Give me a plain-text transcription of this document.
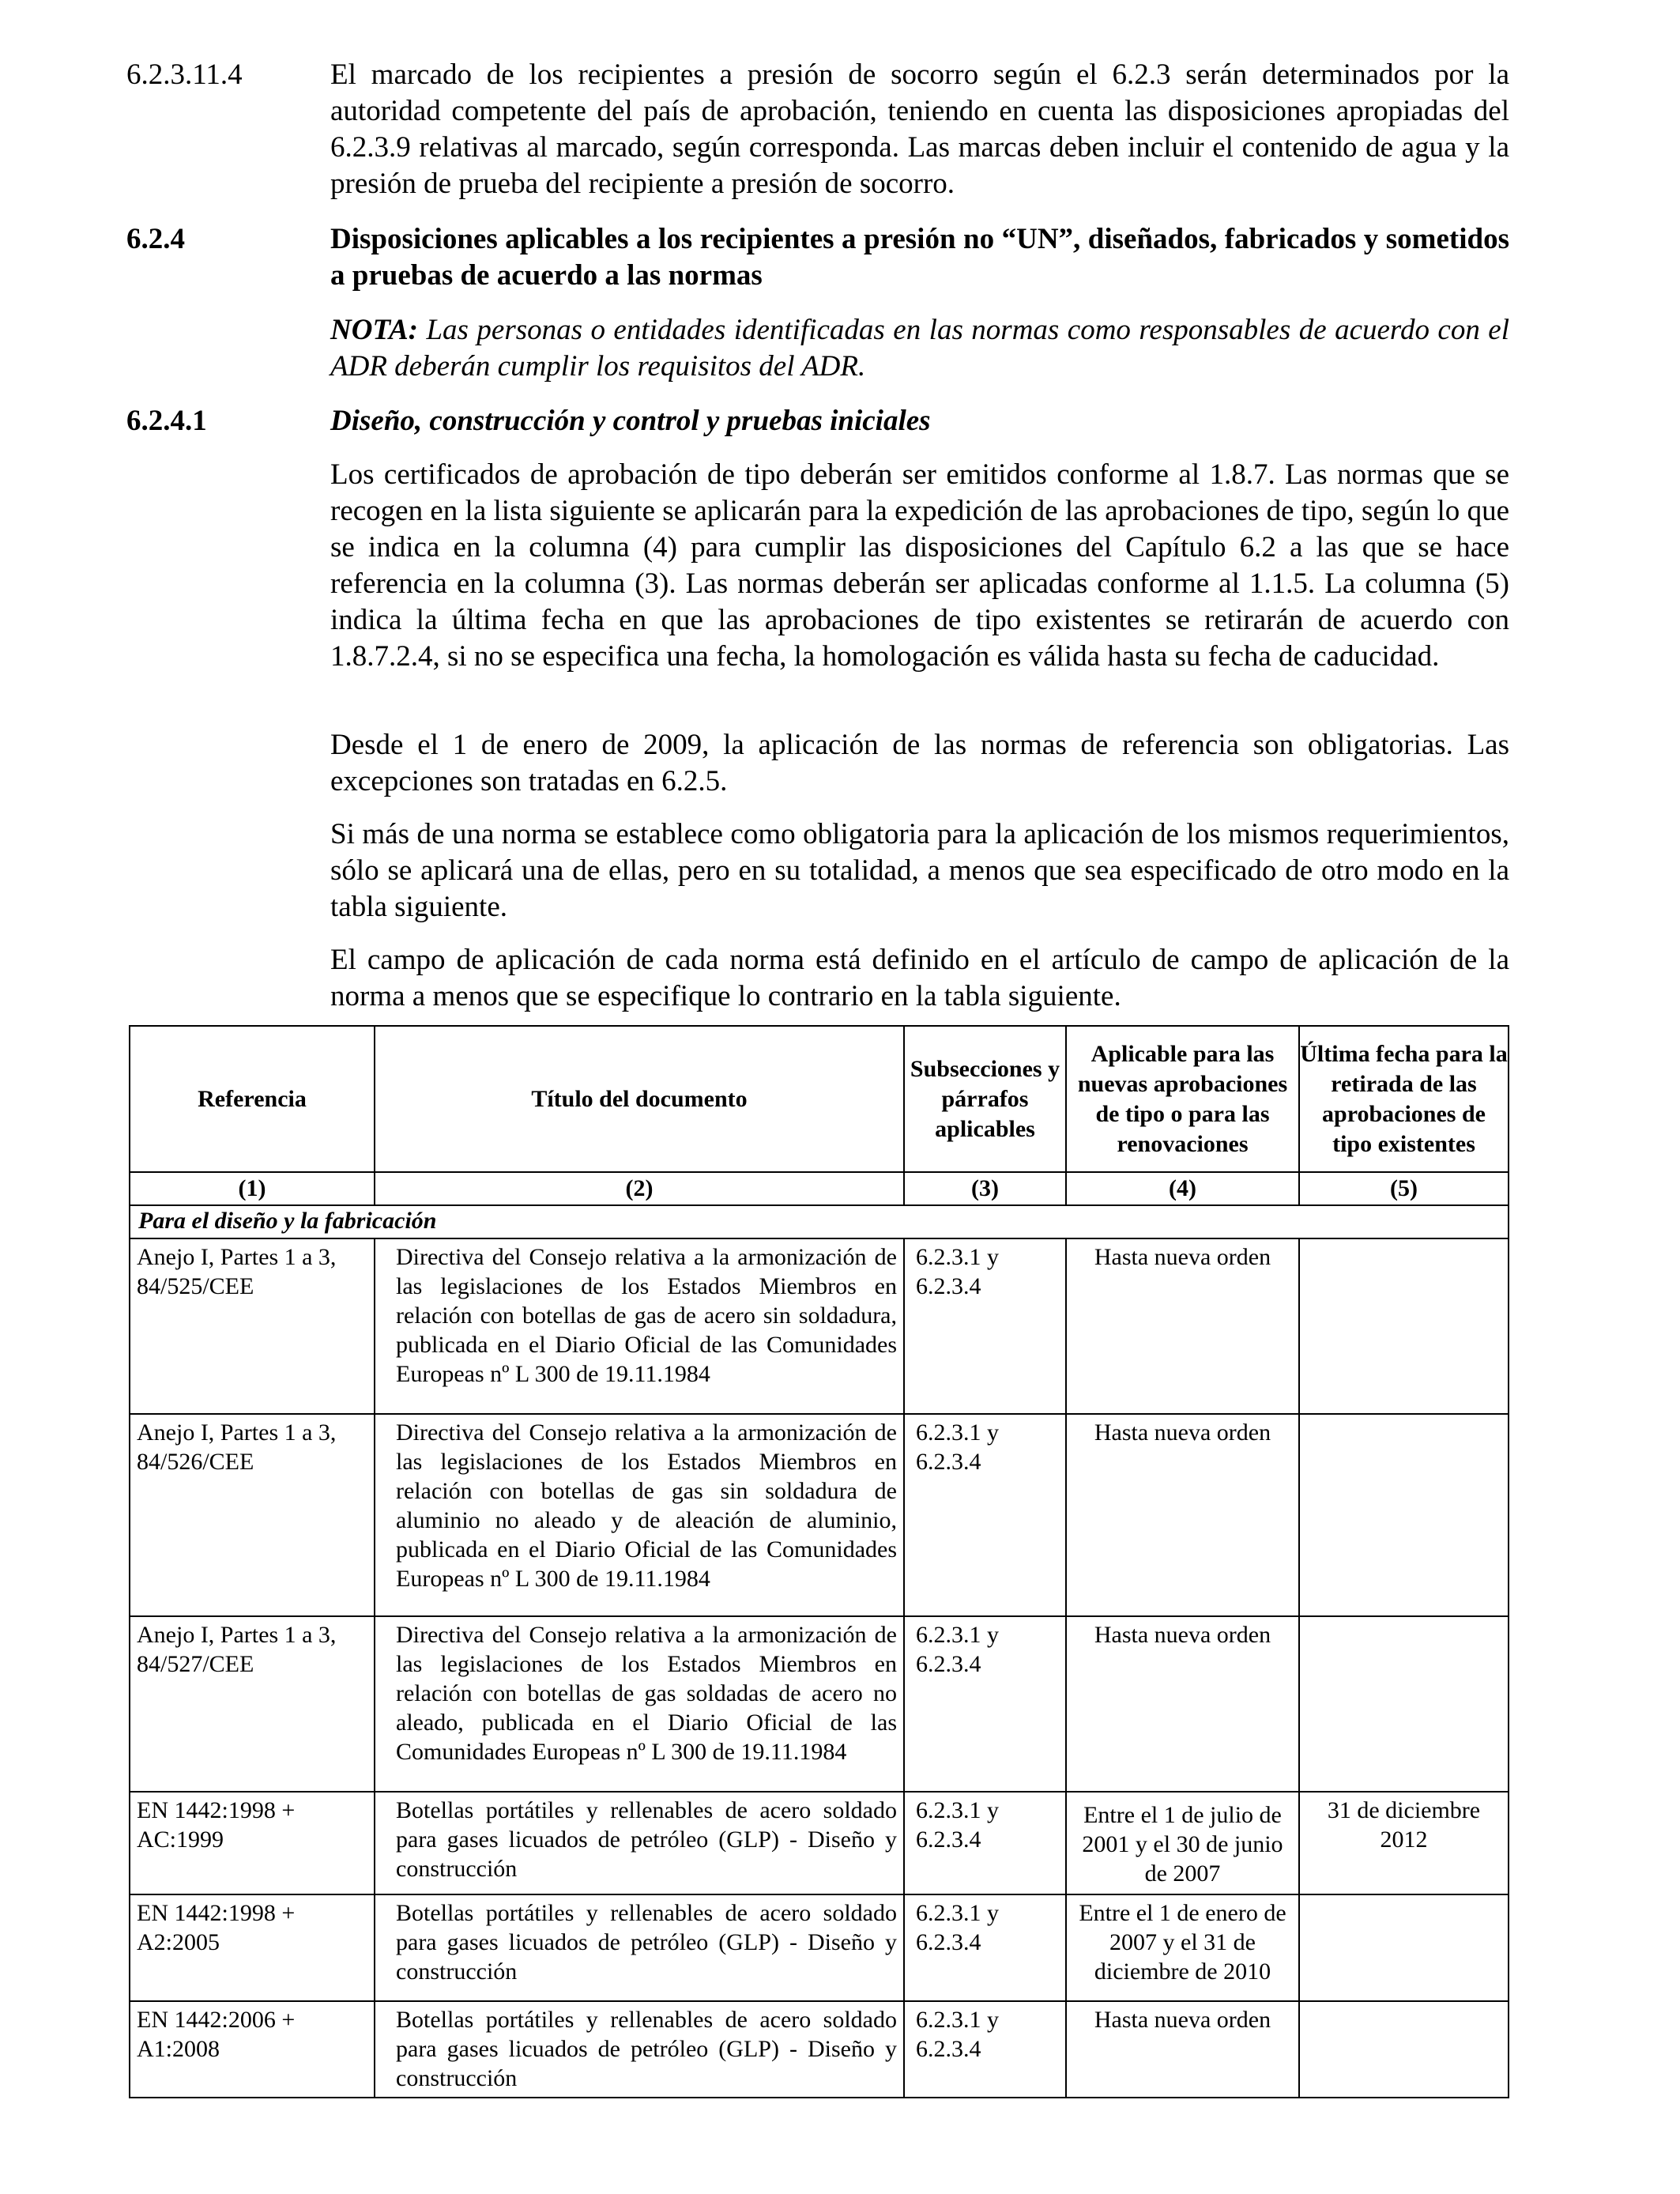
6.2.3.11.4	El marcado de los recipientes a presión de socorro según el 6.2.3 serán determinados por la autoridad competente del país de aprobación, teniendo en cuenta las disposiciones apropiadas del 6.2.3.9 relativas al marcado, según corresponda. Las marcas deben incluir el contenido de agua y la presión de prueba del recipiente a presión de socorro.
6.2.4	Disposiciones aplicables a los recipientes a presión no “UN”, diseñados, fabricados y sometidos a pruebas de acuerdo a las normas
NOTA: Las personas o entidades identificadas en las normas como responsables de acuerdo con el ADR deberán cumplir los requisitos del ADR.
6.2.4.1	Diseño, construcción y control y pruebas iniciales
Los certificados de aprobación de tipo deberán ser emitidos conforme al 1.8.7. Las normas que se recogen en la lista siguiente se aplicarán para la expedición de las aprobaciones de tipo, según lo que se indica en la columna (4) para cumplir las disposiciones del Capítulo 6.2 a las que se hace referencia en la columna (3). Las normas deberán ser aplicadas conforme al 1.1.5. La columna (5) indica la última fecha en que las aprobaciones de tipo existentes se retirarán de acuerdo con 1.8.7.2.4, si no se especifica una fecha, la homologación es válida hasta su fecha de caducidad.
Desde el 1 de enero de 2009, la aplicación de las normas de referencia son obligatorias. Las excepciones son tratadas en 6.2.5.
Si más de una norma se establece como obligatoria para la aplicación de los mismos requerimientos, sólo se aplicará una de ellas, pero en su totalidad, a menos que sea especificado de otro modo en la tabla siguiente.
El campo de aplicación de cada norma está definido en el artículo de campo de aplicación de la norma a menos que se especifique lo contrario en la tabla siguiente.
Referencia	Título del documento	Subsecciones y párrafos aplicables	Aplicable para las nuevas aprobaciones de tipo o para las renovaciones	Última fecha para la retirada de las aprobaciones de tipo existentes
(1)	(2)	(3)	(4)	(5)
Para el diseño y la fabricación				
Anejo I, Partes 1 a 3, 84/525/CEE	Directiva del Consejo relativa a la armonización de las legislaciones de los Estados Miembros en relación con botellas de gas de acero sin soldadura, publicada en el Diario Oficial de las Comunidades Europeas nº L 300 de 19.11.1984	6.2.3.1 y 6.2.3.4	Hasta nueva orden	
Anejo I, Partes 1 a 3, 84/526/CEE	Directiva del Consejo relativa a la armonización de las legislaciones de los Estados Miembros en relación con botellas de gas sin soldadura de aluminio no aleado y de aleación de aluminio, publicada en el Diario Oficial de las Comunidades Europeas nº L 300 de 19.11.1984	6.2.3.1 y 6.2.3.4	Hasta nueva orden	
Anejo I, Partes 1 a 3, 84/527/CEE	Directiva del Consejo relativa a la armonización de las legislaciones de los Estados Miembros en relación con botellas de gas soldadas de acero no aleado, publicada en el Diario Oficial de las Comunidades Europeas nº L 300 de 19.11.1984	6.2.3.1 y 6.2.3.4	Hasta nueva orden	
EN 1442:1998 + AC:1999	Botellas portátiles y rellenables de acero soldado para gases licuados de petróleo (GLP) - Diseño y construcción	6.2.3.1 y 6.2.3.4	Entre el 1 de julio de 2001 y el 30 de junio de 2007	31 de diciembre 2012
EN 1442:1998 + A2:2005	Botellas portátiles y rellenables de acero soldado para gases licuados de petróleo (GLP) - Diseño y construcción	6.2.3.1 y 6.2.3.4	Entre el 1 de enero de 2007 y el 31 de diciembre de 2010	
EN 1442:2006 + A1:2008	Botellas portátiles y rellenables de acero soldado para gases licuados de petróleo (GLP) - Diseño y construcción	6.2.3.1 y 6.2.3.4	Hasta nueva orden	
